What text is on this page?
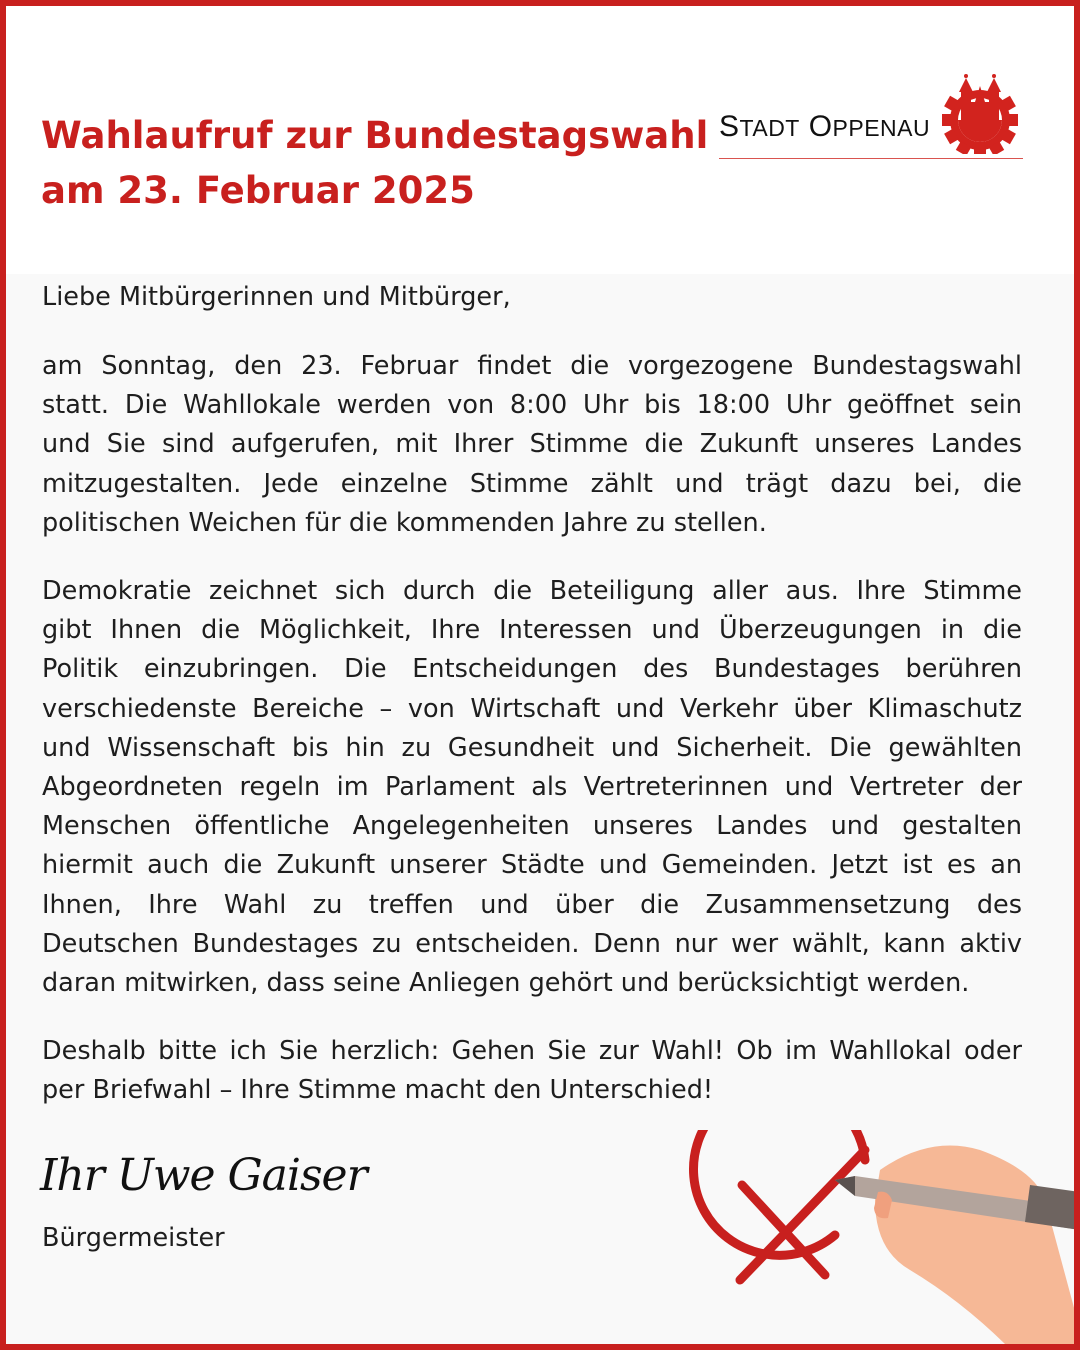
Wahlaufruf zur Bundestagswahl
am 23. Februar 2025
STADT OPPENAU
Liebe Mitbürgerinnen und Mitbürger,
am Sonntag, den 23. Februar findet die vorgezogene Bundestagswahl
statt. Die Wahllokale werden von 8:00 Uhr bis 18:00 Uhr geöffnet sein
und Sie sind aufgerufen, mit Ihrer Stimme die Zukunft unseres Landes
mitzugestalten. Jede einzelne Stimme zählt und trägt dazu bei, die
politischen Weichen für die kommenden Jahre zu stellen.
Demokratie zeichnet sich durch die Beteiligung aller aus. Ihre Stimme
gibt Ihnen die Möglichkeit, Ihre Interessen und Überzeugungen in die
Politik einzubringen. Die Entscheidungen des Bundestages berühren
verschiedenste Bereiche – von Wirtschaft und Verkehr über Klimaschutz
und Wissenschaft bis hin zu Gesundheit und Sicherheit. Die gewählten
Abgeordneten regeln im Parlament als Vertreterinnen und Vertreter der
Menschen öffentliche Angelegenheiten unseres Landes und gestalten
hiermit auch die Zukunft unserer Städte und Gemeinden. Jetzt ist es an
Ihnen, Ihre Wahl zu treffen und über die Zusammensetzung des
Deutschen Bundestages zu entscheiden. Denn nur wer wählt, kann aktiv
daran mitwirken, dass seine Anliegen gehört und berücksichtigt werden.
Deshalb bitte ich Sie herzlich: Gehen Sie zur Wahl! Ob im Wahllokal oder
per Briefwahl – Ihre Stimme macht den Unterschied!
Ihr Uwe Gaiser
Bürgermeister
